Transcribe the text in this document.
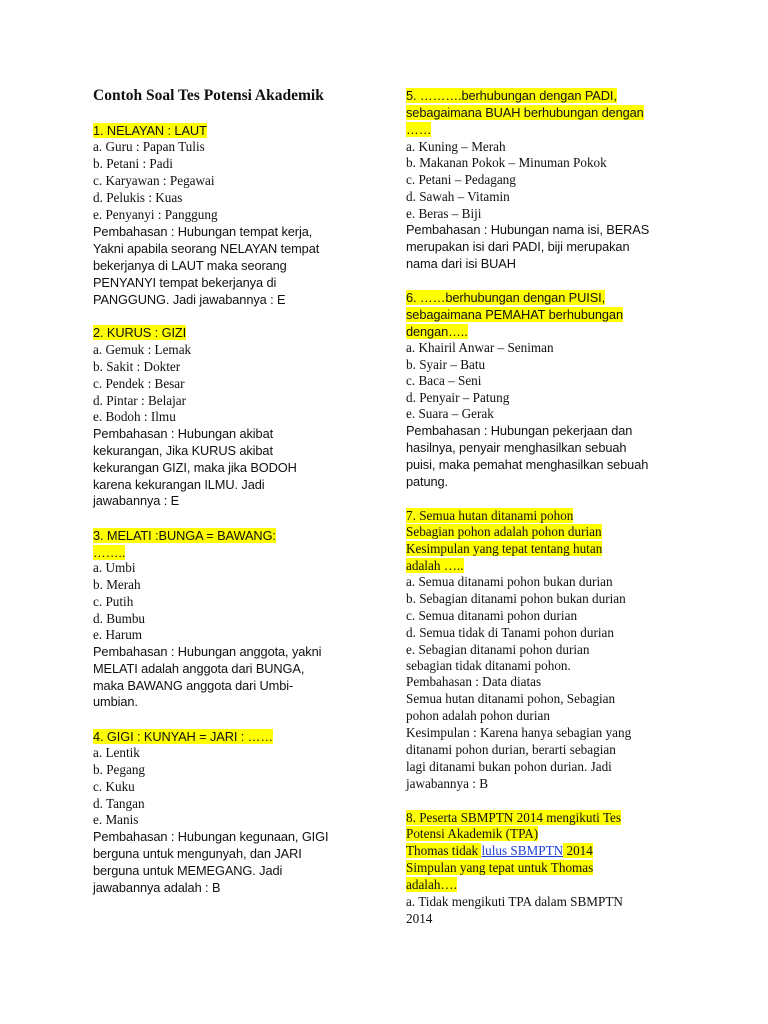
Contoh Soal Tes Potensi Akademik
1. NELAYAN : LAUT
a. Guru : Papan Tulis
b. Petani : Padi
c. Karyawan : Pegawai
d. Pelukis : Kuas
e. Penyanyi : Panggung
Pembahasan : Hubungan tempat kerja,
Yakni apabila seorang NELAYAN tempat
bekerjanya di LAUT maka seorang
PENYANYI tempat bekerjanya di
PANGGUNG. Jadi jawabannya : E
2. KURUS : GIZI
a. Gemuk : Lemak
b. Sakit : Dokter
c. Pendek : Besar
d. Pintar : Belajar
e. Bodoh : Ilmu
Pembahasan : Hubungan akibat
kekurangan, Jika KURUS akibat
kekurangan GIZI, maka jika BODOH
karena kekurangan ILMU. Jadi
jawabannya : E
3. MELATI :BUNGA = BAWANG:
……..
a. Umbi
b. Merah
c. Putih
d. Bumbu
e. Harum
Pembahasan : Hubungan anggota, yakni
MELATI adalah anggota dari BUNGA,
maka BAWANG anggota dari Umbi-
umbian.
4. GIGI : KUNYAH = JARI : ……
a. Lentik
b. Pegang
c. Kuku
d. Tangan
e. Manis
Pembahasan : Hubungan kegunaan, GIGI
berguna untuk mengunyah, dan JARI
berguna untuk MEMEGANG. Jadi
jawabannya adalah : B
5. ……….berhubungan dengan PADI,
sebagaimana BUAH berhubungan dengan
……
a. Kuning – Merah
b. Makanan Pokok – Minuman Pokok
c. Petani – Pedagang
d. Sawah – Vitamin
e. Beras – Biji
Pembahasan : Hubungan nama isi, BERAS
merupakan isi dari PADI, biji merupakan
nama dari isi BUAH
6. ……berhubungan dengan PUISI,
sebagaimana PEMAHAT berhubungan
dengan…..
a. Khairil Anwar – Seniman
b. Syair – Batu
c. Baca – Seni
d. Penyair – Patung
e. Suara – Gerak
Pembahasan : Hubungan pekerjaan dan
hasilnya, penyair menghasilkan sebuah
puisi, maka pemahat menghasilkan sebuah
patung.
7. Semua hutan ditanami pohon
Sebagian pohon adalah pohon durian
Kesimpulan yang tepat tentang hutan
adalah …..
a. Semua ditanami pohon bukan durian
b. Sebagian ditanami pohon bukan durian
c. Semua ditanami pohon durian
d. Semua tidak di Tanami pohon durian
e. Sebagian ditanami pohon durian
sebagian tidak ditanami pohon.
Pembahasan : Data diatas
Semua hutan ditanami pohon, Sebagian
pohon adalah pohon durian
Kesimpulan : Karena hanya sebagian yang
ditanami pohon durian, berarti sebagian
lagi ditanami bukan pohon durian. Jadi
jawabannya : B
8. Peserta SBMPTN 2014 mengikuti Tes
Potensi Akademik (TPA)
Thomas tidak lulus SBMPTN 2014
Simpulan yang tepat untuk Thomas
adalah….
a. Tidak mengikuti TPA dalam SBMPTN
2014
